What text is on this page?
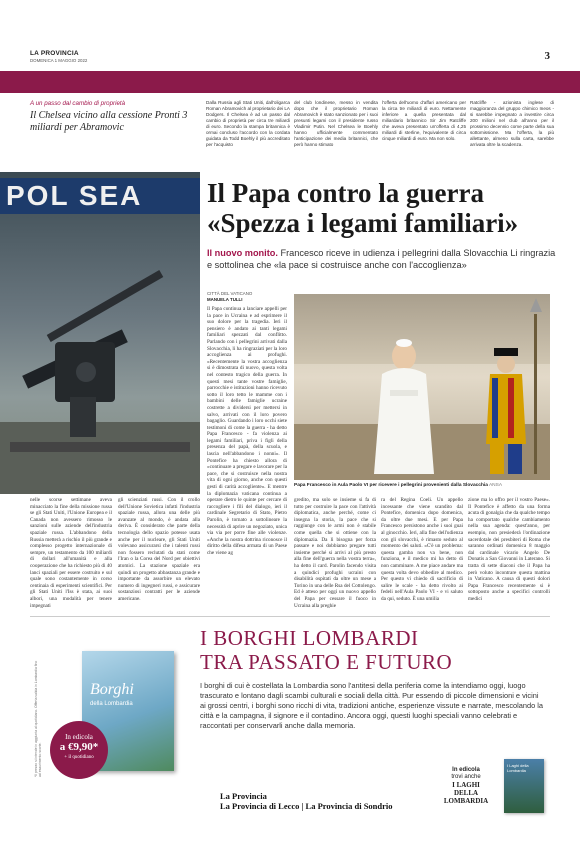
LA PROVINCIA
DOMENICA 1 MAGGIO 2022	3
A un passo dal cambio di proprietà
Il Chelsea vicino alla cessione Pronti 3 miliardi per Abramovic
Dalla Russia agli Stati Uniti, dall'oligarca Roman Abramovich al proprietario dei LA Dodgers. Il Chelsea è ad un passo dal cambio di proprietà per circa tre miliardi di euro. Secondo la stampa britannica è ormai concluso l'accordo con la cordata guidata da Todd Boehly il più accreditato per l'acquisto
del club londinese, messo in vendita dopo che il proprietario Roman Abramovich è stato sanzionato per i suoi presunti legami con il presidente russo Vladimir Putin. Nel Chelsea le Boehly hanno ufficialmente commentato l'anticipazione dei media britannici, che però hanno stimato
l'offerta dell'uomo d'affari americano per la circa tre miliardi di euro. Nettamente inferiore a quella presentata dal miliardario britannico Sir Jim Ratcliffe che aveva presentato un'offerta di 4,25 miliardi di sterline, l'equivalente di circa cinque miliardi di euro. Ma non solo.
Ratcliffe - azionista inglese di maggioranza del gruppo chimico Ineos - si sarebbe impegnato a investire circa 200 milioni nel club all'anno per il prossimo decennio come parte della sua sottomissione. Ma l'offerta, la più allettante, almeno sulla carta, sarebbe arrivata oltre la scadenza.
POL SEA Il Papa contro la guerra
«Spezza i legami familiari»
Il nuovo monito. Francesco riceve in udienza i pellegrini dalla Slovacchia Li ringrazia e sottolinea che «la pace si costruisce anche con l'accoglienza»
CITTÀ DEL VATICANO
MANUELA TULLI
Il Papa continua a lanciare appelli per la pace in Ucraina e ad esprimere il suo dolore per la tragedia. Ieri il pensiero è andato ai tanti legami familiari spezzati dal conflitto. Parlando con i pellegrini arrivati dalla Slovacchia, li ha ringraziati per la loro accoglienza ai profughi. «Recentemente la vostra accoglienza si è dimostrata di nuovo, questa volta nel contesto tragico della guerra. In questi mesi tante vostre famiglie, parrocchie e istituzioni hanno ricevuto sotto il loro tetto le mamme con i bambini delle famiglie ucraine costrette a dividersi per mettersi in salvo, arrivati con il loro povero bagaglio. Guardando i loro occhi siete testimoni di come la guerra - ha detto Papa Francesco - fa violenza ai legami familiari, priva i figli della presenza del papà, della scuola, e lascia nell'abbandono i nonni». Il Pontefice ha chiesto allora di «continuare a pregare e lavorare per la pace, che si costruisce nella nostra vita di ogni giorno, anche con questi gesti di carità accogliente». E mentre la diplomazia vaticana continua a operare dietro le quinte per cercare di raccogliere i fili del dialogo, ieri il cardinale Segretario di Stato, Pietro Parolin, è tornato a sottolineare la necessità di aprire un negoziato, unica via via per porre fine alle violenze. «Anche la nostra dottrina riconosce il diritto della difesa armata di un Paese che viene ag
Papa Francesco in Aula Paolo VI per ricevere i pellegrini provenienti dalla Slovacchia ANSA
nelle scorse settimane aveva minacciato la fine della missione russa se gli Stati Uniti, l'Unione Europea e il Canada non avessero rimosso le sanzioni sulle aziende dell'industria spaziale russa. L'abbandono della Russia metterà a rischio il più grande e complesso progetto internazionale di sempre, un testamento da 100 miliardi di dollari all'umanità e alla cooperazione che ha richiesto più di 40 lanci spaziali per essere costruito e sul quale sono costantemente in corso centinaia di esperimenti scientifici. Per gli Stati Uniti l'Iss è stata, ai suoi albori, una modalità per tenere impegnati
gli scienziati russi. Con il crollo dell'Unione Sovietica infatti l'industria spaziale russa, allora una delle più avanzate al mondo, è andata alla deriva. È considerato che parte della tecnologia dello spazio potesse usata anche per il nucleare, gli Stati Uniti volevano assicurarsi che i talenti russi non fossero reclutati da stati come l'Iran o la Corea del Nord per obiettivi atomici. La stazione spaziale era quindi un progetto abbastanza grande e importante da assorbire un elevato numero di ingegneri russi, e assicurare sostanziosi contratti per le aziende americane.
gredito, ma solo se insieme si fa di tutto per costruire la pace con l'attività diplomatica, anche perché, come ci insegna la storia, la pace che si raggiunge con le armi non è stabile come quella che si ottiene con la diplomazia. Da lì bisogna per forza passare e noi dobbiamo pregare tutti insieme perché si arrivi al più presto alla fine dell'guerra nella vostra terra», ha detto il card. Parolin facendo visita a quindici profughi ucraini con disabilità ospitati da oltre un mese a Torino in una delle Rsa del Cottolengo. Ed è atteso per oggi un nuovo appello del Papa per cessare il fuoco in Ucraina alla preghie
ra del Regina Coeli. Un appello incessante che viene scandito dal Pontefice, domenica dopo domenica, da oltre due mesi. E per Papa Francesco persistono anche i suoi guai al ginocchio. Ieri, alla fine dell'udienza con gli slovacchi, è rimasto seduto al momento dei saluti. «C'è un problema: questa gamba non va bene, non funziona, e il medico mi ha detto di non camminare. A me piace andare ma questa volta devo obbedire al medico. Per questo vi chiedo di sacrificio di salire le scale - ha detto rivolto ai fedeli nell'Aula Paolo VI - e vi saluto da qui, seduto. È una umilia
zione ma lo offro per il vostro Paese». Il Pontefice è affetto da una forma acuta di gonalgia che da qualche tempo ha comportato qualche cambiamento nella sua agenda: quest'anno, per esempio, non presiederà l'ordinazione sacerdotale dei presbiteri di Roma che saranno ordinati domenica 8 maggio dal cardinale vicario Angelo De Donatis a San Giovanni in Laterano. Si tratta di sette diaconi che il Papa ha però voluto incontrare questa mattina in Vaticano. A causa di questi dolori Papa Francesco recentemente si è sottoposto anche a specifici controlli medici
I BORGHI LOMBARDI
TRA PASSATO E FUTURO
I borghi di cui è costellata la Lombardia sono l'antitesi della periferia come la intendiamo oggi, luogo trascurato e lontano dagli scambi culturali e sociali della città. Pur essendo di piccole dimensioni e vicini ai grossi centri, i borghi sono ricchi di vita, tradizioni antiche, esperienze vissute e narrate, mescolando la città e la campagna, il signore e il contadino. Ancora oggi, questi luoghi speciali vanno celebrati e raccontati per conservarli anche dalla memoria.
Borghi
della Lombardia
In edicola
a €9,90*
+ il quotidiano
*Il prezzo si intende in aggiunta al quotidiano. Offerta valida in Lombardia fino ad esaurimento scorte.
La Provincia
La Provincia di Lecco | La Provincia di Sondrio
I Laghi della Lombardia
In edicola
trovi anche
I LAGHI
DELLA LOMBARDIA
